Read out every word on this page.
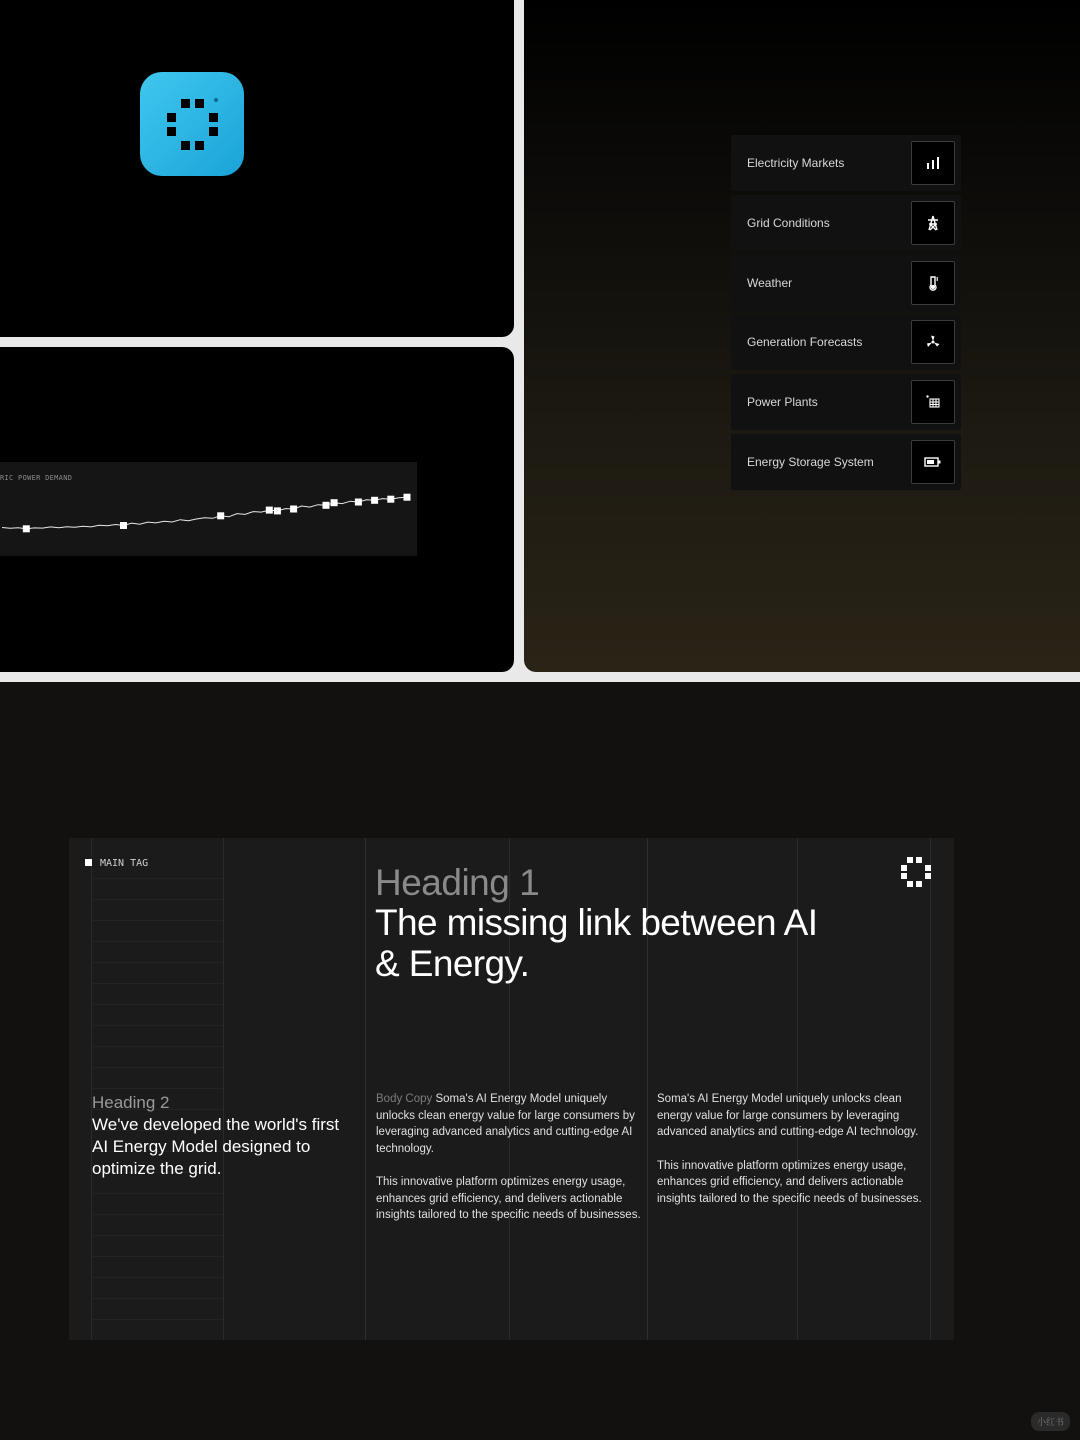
RIC POWER DEMAND
Electricity Markets
Grid Conditions
Weather
Generation Forecasts
Power Plants
Energy Storage System
MAIN TAG	Heading 1
The missing link between AI & Energy.
Heading 2
We've developed the world's first AI Energy Model designed to optimize the grid.

Body Copy Soma's AI Energy Model uniquely unlocks clean energy value for large consumers by leveraging advanced analytics and cutting-edge AI technology.

This innovative platform optimizes energy usage, enhances grid efficiency, and delivers actionable insights tailored to the specific needs of businesses.

Soma's AI Energy Model uniquely unlocks clean energy value for large consumers by leveraging advanced analytics and cutting-edge AI technology.

This innovative platform optimizes energy usage, enhances grid efficiency, and delivers actionable insights tailored to the specific needs of businesses.

小红书
